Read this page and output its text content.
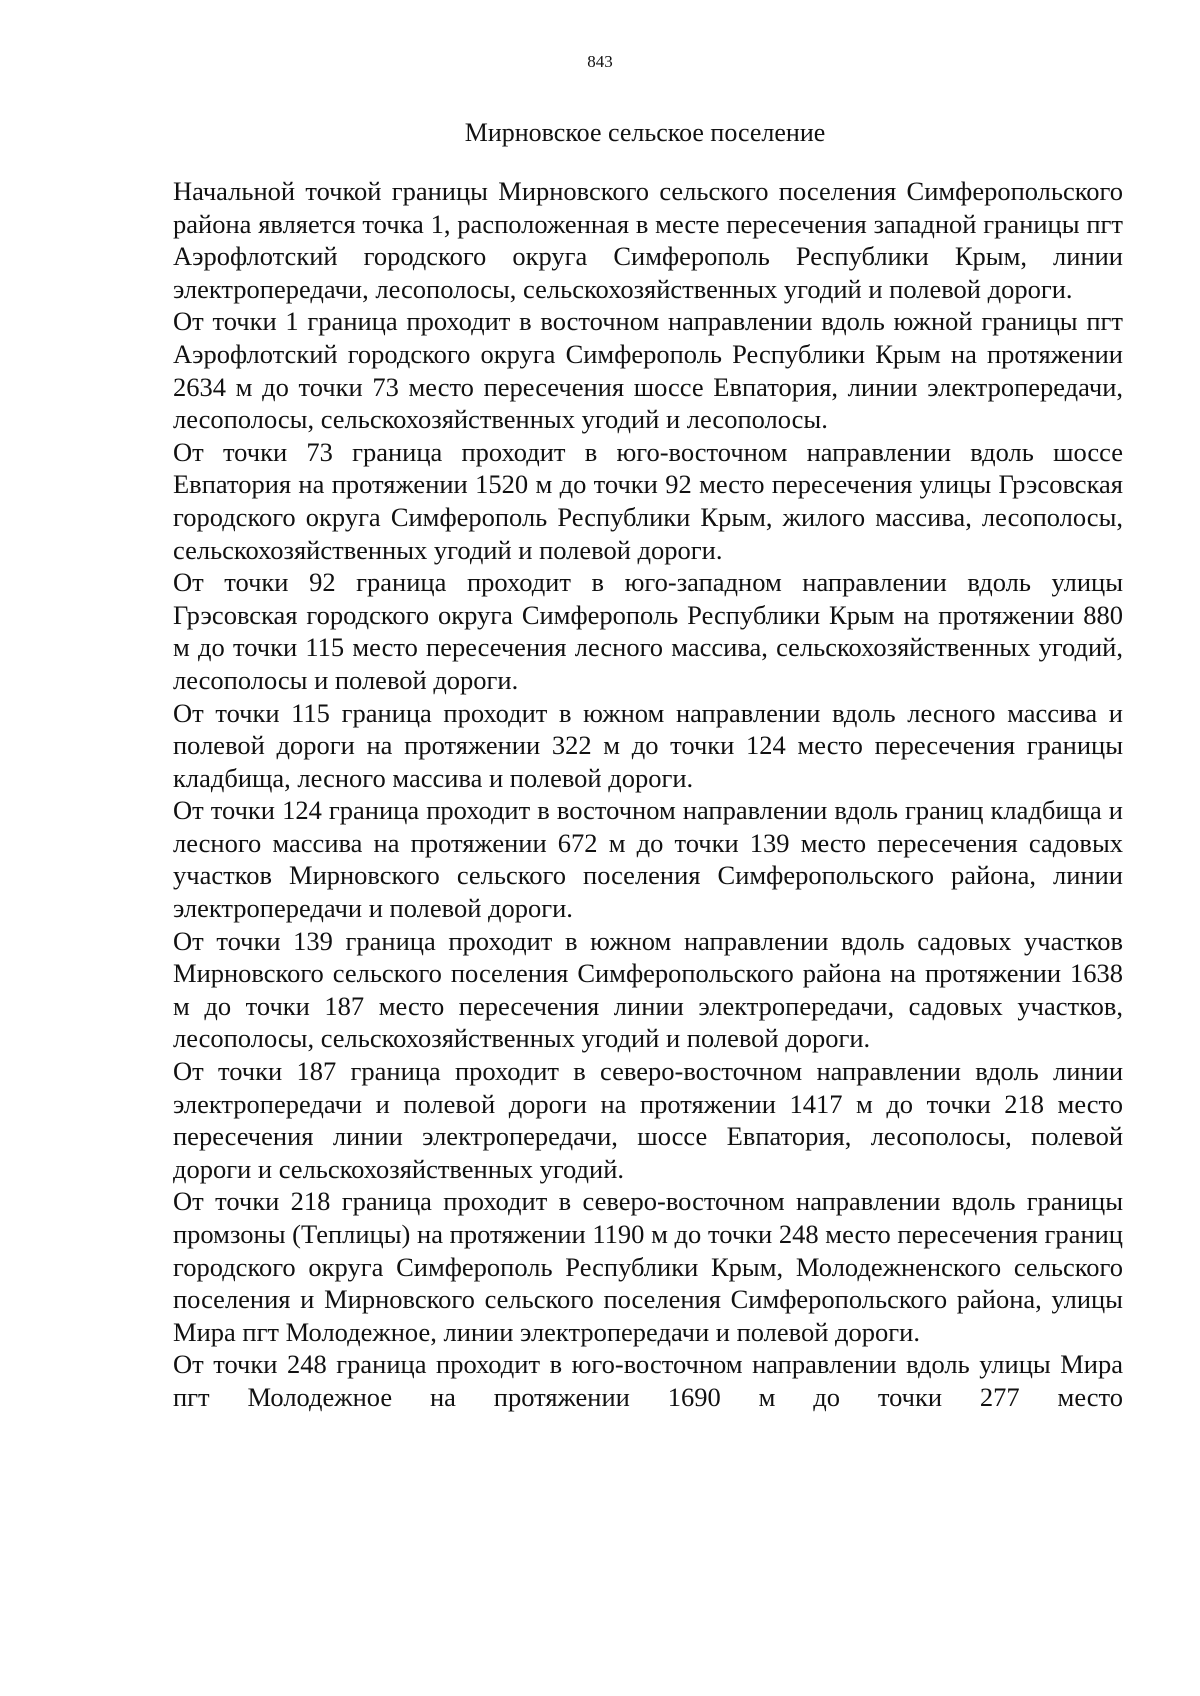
843
Мирновское сельское поселение

Начальной точкой границы Мирновского сельского поселения Симферопольского района является точка 1, расположенная в месте пересечения западной границы пгт Аэрофлотский городского округа Симферополь Республики Крым, линии электропередачи, лесополосы, сельскохозяйственных угодий и полевой дороги.

От точки 1 граница проходит в восточном направлении вдоль южной границы пгт Аэрофлотский городского округа Симферополь Республики Крым на протяжении 2634 м до точки 73 место пересечения шоссе Евпатория, линии электропередачи, лесополосы, сельскохозяйственных угодий и лесополосы.

От точки 73 граница проходит в юго-восточном направлении вдоль шоссе Евпатория на протяжении 1520 м до точки 92 место пересечения улицы Грэсовская городского округа Симферополь Республики Крым, жилого массива, лесополосы, сельскохозяйственных угодий и полевой дороги.

От точки 92 граница проходит в юго-западном направлении вдоль улицы Грэсовская городского округа Симферополь Республики Крым на протяжении 880 м до точки 115 место пересечения лесного массива, сельскохозяйственных угодий, лесополосы и полевой дороги.

От точки 115 граница проходит в южном направлении вдоль лесного массива и полевой дороги на протяжении 322 м до точки 124 место пересечения границы кладбища, лесного массива и полевой дороги.

От точки 124 граница проходит в восточном направлении вдоль границ кладбища и лесного массива на протяжении 672 м до точки 139 место пересечения садовых участков Мирновского сельского поселения Симферопольского района, линии электропередачи и полевой дороги.

От точки 139 граница проходит в южном направлении вдоль садовых участков Мирновского сельского поселения Симферопольского района на протяжении 1638 м до точки 187 место пересечения линии электропередачи, садовых участков, лесополосы, сельскохозяйственных угодий и полевой дороги.

От точки 187 граница проходит в северо-восточном направлении вдоль линии электропередачи и полевой дороги на протяжении 1417 м до точки 218 место пересечения линии электропередачи, шоссе Евпатория, лесополосы, полевой дороги и сельскохозяйственных угодий.

От точки 218 граница проходит в северо-восточном направлении вдоль границы промзоны (Теплицы) на протяжении 1190 м до точки 248 место пересечения границ городского округа Симферополь Республики Крым, Молодежненского сельского поселения и Мирновского сельского поселения Симферопольского района, улицы Мира пгт Молодежное, линии электропередачи и полевой дороги.

От точки 248 граница проходит в юго-восточном направлении вдоль улицы Мира пгт Молодежное на протяжении 1690 м до точки 277 место
